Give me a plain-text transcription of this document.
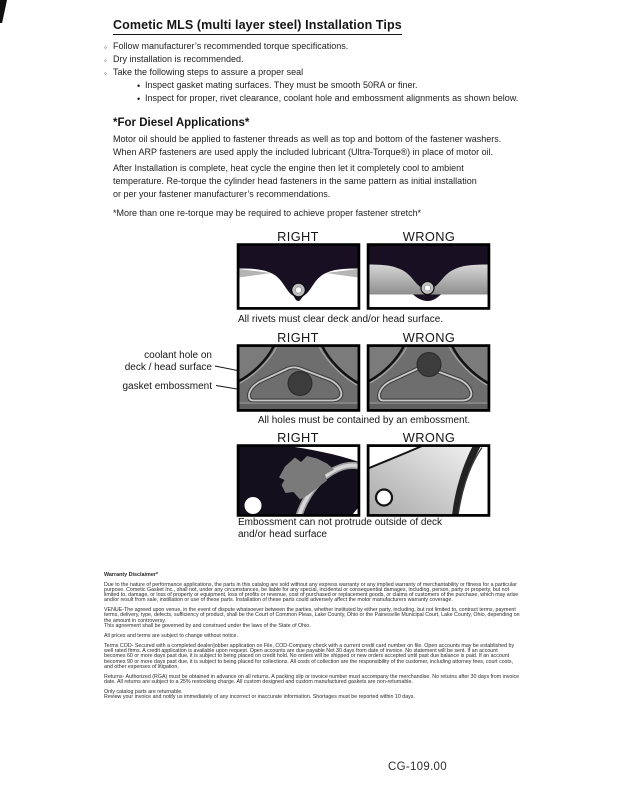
Cometic MLS (multi layer steel) Installation Tips
◦ Follow manufacturer’s recommended torque specifications.
◦ Dry installation is recommended.
◦ Take the following steps to assure a proper seal
• Inspect gasket mating surfaces. They must be smooth 50RA or finer.
• Inspect for proper, rivet clearance, coolant hole and embossment alignments as shown below.
*For Diesel Applications*
Motor oil should be applied to fastener threads as well as top and bottom of the fastener washers.
When ARP fasteners are used apply the included lubricant (Ultra-Torque®) in place of motor oil.
After Installation is complete, heat cycle the engine then let it completely cool to ambient
temperature. Re-torque the cylinder head fasteners in the same pattern as initial installation
or per your fastener manufacturer’s recommendations.
*More than one re-torque may be required to achieve proper fastener stretch*
RIGHT	WRONG
All rivets must clear deck and/or head surface.
RIGHT	WRONG
coolant hole on
deck / head surface
gasket embossment
All holes must be contained by an embossment.
RIGHT	WRONG
Embossment can not protrude outside of deck
and/or head surface
Warranty Disclaimer*

Due to the nature of performance applications, the parts in this catalog are sold without any express warranty or any implied warranty of merchantability or fitness for a particular purpose. Cometic Gasket Inc., shall not, under any circumstances, be liable for any special, incidental or consequential damages, including, person, party or property, but not limited to, damage, or loss of property or equipment, loss of profits or revenue, cost of purchased or replacement goods, or claims of customers of the purchase, which may arise and/or result from sale, instillation or use of these parts. Installation of these parts could adversely affect the motor manufacturers warranty coverage.

VENUE-The agreed upon venue, in the event of dispute whatsoever between the parties, whether instituted by either party, including, but not limited to, contract terms, payment terms, delivery, type, defects, sufficiency of product, shall be the Court of Common Pleas, Lake County, Ohio or the Painesville Municipal Court, Lake County, Ohio, depending on the amount in controversy.

This agreement shall be governed by and construed under the laws of the State of Ohio.

All prices and terms are subject to change without notice.

Terms COD- Secured with a completed dealer/jobber application on File, COD-Company check with a current credit card number on file. Open accounts may be established by well rated firms. A credit application is available upon request. Open accounts are due payable Net 30 days from date of invoice. No statement will be sent. If an account becomes 60 or more days past due, it is subject to being placed on credit hold. No orders will be shipped or new orders accepted until past due balance is paid. If an account becomes 90 or more days past due, it is subject to being placed for collections. All costs of collection are the responsibility of the customer, including attorney fees, court costs, and other expenses of litigation.

Returns- Authorized (RGA) must be obtained in advance on all returns. A packing slip or invoice number must accompany the merchandise. No returns after 30 days from invoice date. All returns are subject to a 25% restocking charge. All custom designed and custom manufactured gaskets are non-returnable.

Only catalog parts are returnable.

Review your invoice and notify us immediately of any incorrect or inaccurate information. Shortages must be reported within 10 days.

CG-109.00
